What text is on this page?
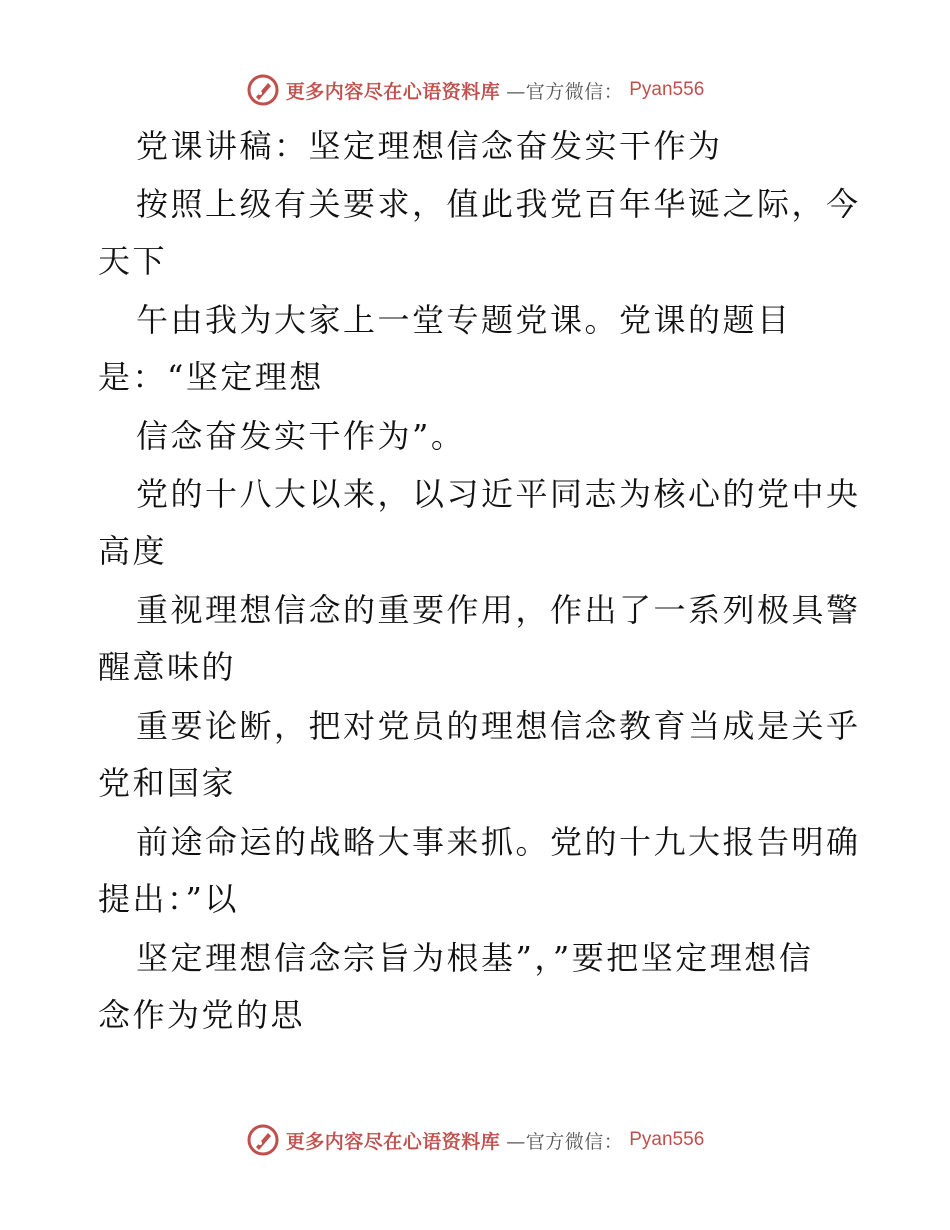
更多内容尽在心语资料库 —官方微信： Pyan556
党课讲稿：坚定理想信念奋发实干作为
按照上级有关要求，值此我党百年华诞之际，今
天下
午由我为大家上一堂专题党课。党课的题目
是：“坚定理想
信念奋发实干作为”。
党的十八大以来，以习近平同志为核心的党中央
高度
重视理想信念的重要作用，作出了一系列极具警
醒意味的
重要论断，把对党员的理想信念教育当成是关乎
党和国家
前途命运的战略大事来抓。党的十九大报告明确
提出：”以
坚定理想信念宗旨为根基”，”要把坚定理想信
念作为党的思
更多内容尽在心语资料库 —官方微信： Pyan556
